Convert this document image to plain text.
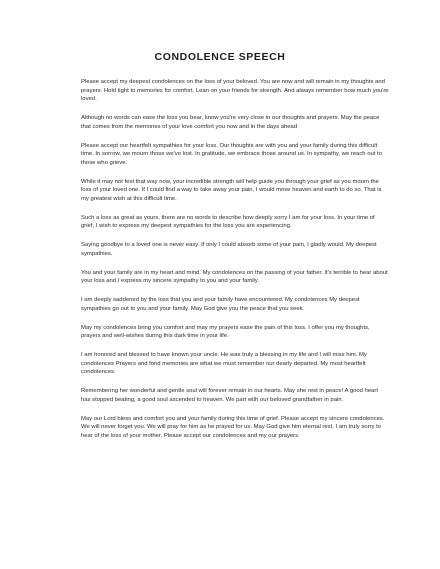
CONDOLENCE SPEECH

Please accept my deepest condolences on the loss of your beloved. You are now and will remain in my thoughts and prayers. Hold tight to memories for comfort. Lean on your friends for strength. And always remember how much you're loved.

Although no words can ease the loss you bear, know you're very close in our thoughts and prayers. May the peace that comes from the memories of your love comfort you now and in the days ahead

Please accept our heartfelt sympathies for your loss. Our thoughts are with you and your family during this difficult time. In sorrow, we mourn those we've lost. In gratitude, we embrace those around us. In sympathy, we reach out to those who grieve.

While it may not feel that way now, your incredible strength will help guide you through your grief as you mourn the loss of your loved one. If I could find a way to take away your pain, I would move heaven and earth to do so. That is my greatest wish at this difficult time.

Such a loss as great as yours, there are no words to describe how deeply sorry I am for your loss. In your time of grief, I wish to express my deepest sympathies for the loss you are experiencing.

Saying goodbye to a loved one is never easy. If only I could absorb some of your pain, I gladly would. My deepest sympathies.

You and your family are in my heart and mind. My condolences on the passing of your father. It's terrible to hear about your loss and I express my sincere sympathy to you and your family.

I am deeply saddened by the loss that you and your family have encountered. My condolences My deepest sympathies go out to you and your family. May God give you the peace that you seek.

May my condolences bring you comfort and may my prayers ease the pain of this loss. I offer you my thoughts, prayers and well-wishes during this dark time in your life.

I am honored and blessed to have known your uncle. He was truly a blessing in my life and I will miss him. My condolences Prayers and fond memories are what we must remember our dearly departed. My most heartfelt condolences.

Remembering her wonderful and gentle soul will forever remain in our hearts. May she rest in peace! A good heart has stopped beating, a good soul ascended to heaven. We part with our beloved grandfather in pain.

May our Lord bless and comfort you and your family during this time of grief. Please accept my sincere condolences. We will never forget you. We will pray for him as he prayed for us. May God give him eternal rest. I am truly sorry to hear of the loss of your mother. Please accept our condolences and my our prayers.
